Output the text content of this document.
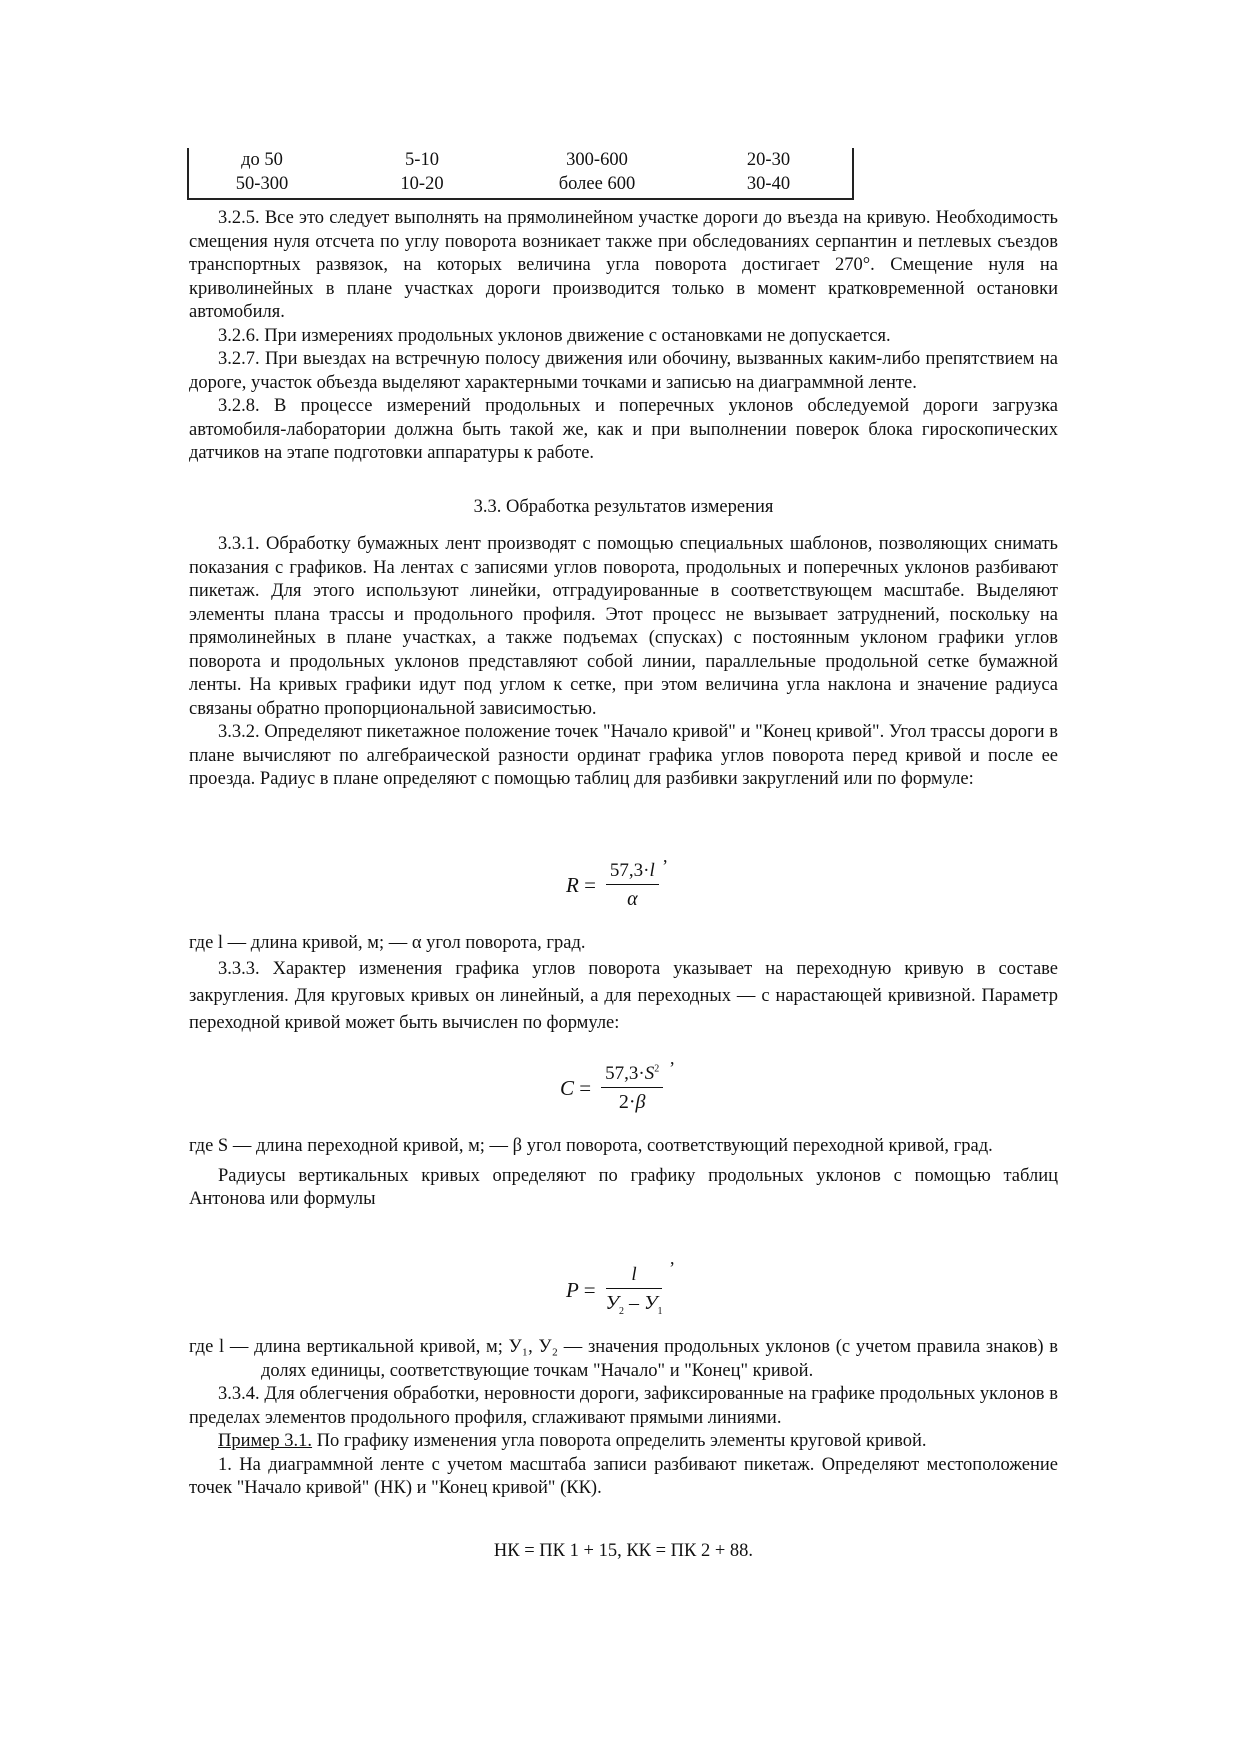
до 50	5-10	300-600	20-30
50-300	10-20	более 600	30-40

3.2.5. Все это следует выполнять на прямолинейном участке дороги до въезда на кривую. Необходимость смещения нуля отсчета по углу поворота возникает также при обследованиях серпантин и петлевых съездов транспортных развязок, на которых величина угла поворота достигает 270°. Смещение нуля на криволинейных в плане участках дороги производится только в момент кратковременной остановки автомобиля.

3.2.6. При измерениях продольных уклонов движение с остановками не допускается.

3.2.7. При выездах на встречную полосу движения или обочину, вызванных каким-либо препятствием на дороге, участок объезда выделяют характерными точками и записью на диаграммной ленте.

3.2.8. В процессе измерений продольных и поперечных уклонов обследуемой дороги загрузка автомобиля-лаборатории должна быть такой же, как и при выполнении поверок блока гироскопических датчиков на этапе подготовки аппаратуры к работе.

3.3. Обработка результатов измерения

3.3.1. Обработку бумажных лент производят с помощью специальных шаблонов, позволяющих снимать показания с графиков. На лентах с записями углов поворота, продольных и поперечных уклонов разбивают пикетаж. Для этого используют линейки, отградуированные в соответствующем масштабе. Выделяют элементы плана трассы и продольного профиля. Этот процесс не вызывает затруднений, поскольку на прямолинейных в плане участках, а также подъемах (спусках) с постоянным уклоном графики углов поворота и продольных уклонов представляют собой линии, параллельные продольной сетке бумажной ленты. На кривых графики идут под углом к сетке, при этом величина угла наклона и значение радиуса связаны обратно пропорциональной зависимостью.

3.3.2. Определяют пикетажное положение точек "Начало кривой" и "Конец кривой". Угол трассы дороги в плане вычисляют по алгебраической разности ординат графика углов поворота перед кривой и после ее проезда. Радиус в плане определяют с помощью таблиц для разбивки закруглений или по формуле:

$R = \frac{57,3\cdot l}{\alpha}$
,

где l — длина кривой, м; — α угол поворота, град.

3.3.3. Характер изменения графика углов поворота указывает на переходную кривую в составе закругления. Для круговых кривых он линейный, а для переходных — с нарастающей кривизной. Параметр переходной кривой может быть вычислен по формуле:

$C = \frac{57,3\cdot S^2}{2\cdot\beta}$
,

где S — длина переходной кривой, м; — β угол поворота, соответствующий переходной кривой, град.

Радиусы вертикальных кривых определяют по графику продольных уклонов с помощью таблиц Антонова или формулы

$P = \frac{l}{У_2 - У_1}$
,

где l — длина вертикальной кривой, м; У₁, У₂ — значения продольных уклонов (с учетом правила знаков) в долях единицы, соответствующие точкам "Начало" и "Конец" кривой.

3.3.4. Для облегчения обработки, неровности дороги, зафиксированные на графике продольных уклонов в пределах элементов продольного профиля, сглаживают прямыми линиями.

Пример 3.1. По графику изменения угла поворота определить элементы круговой кривой.

1. На диаграммной ленте с учетом масштаба записи разбивают пикетаж. Определяют местоположение точек "Начало кривой" (НК) и "Конец кривой" (КК).

НК = ПК 1 + 15, КК = ПК 2 + 88.
